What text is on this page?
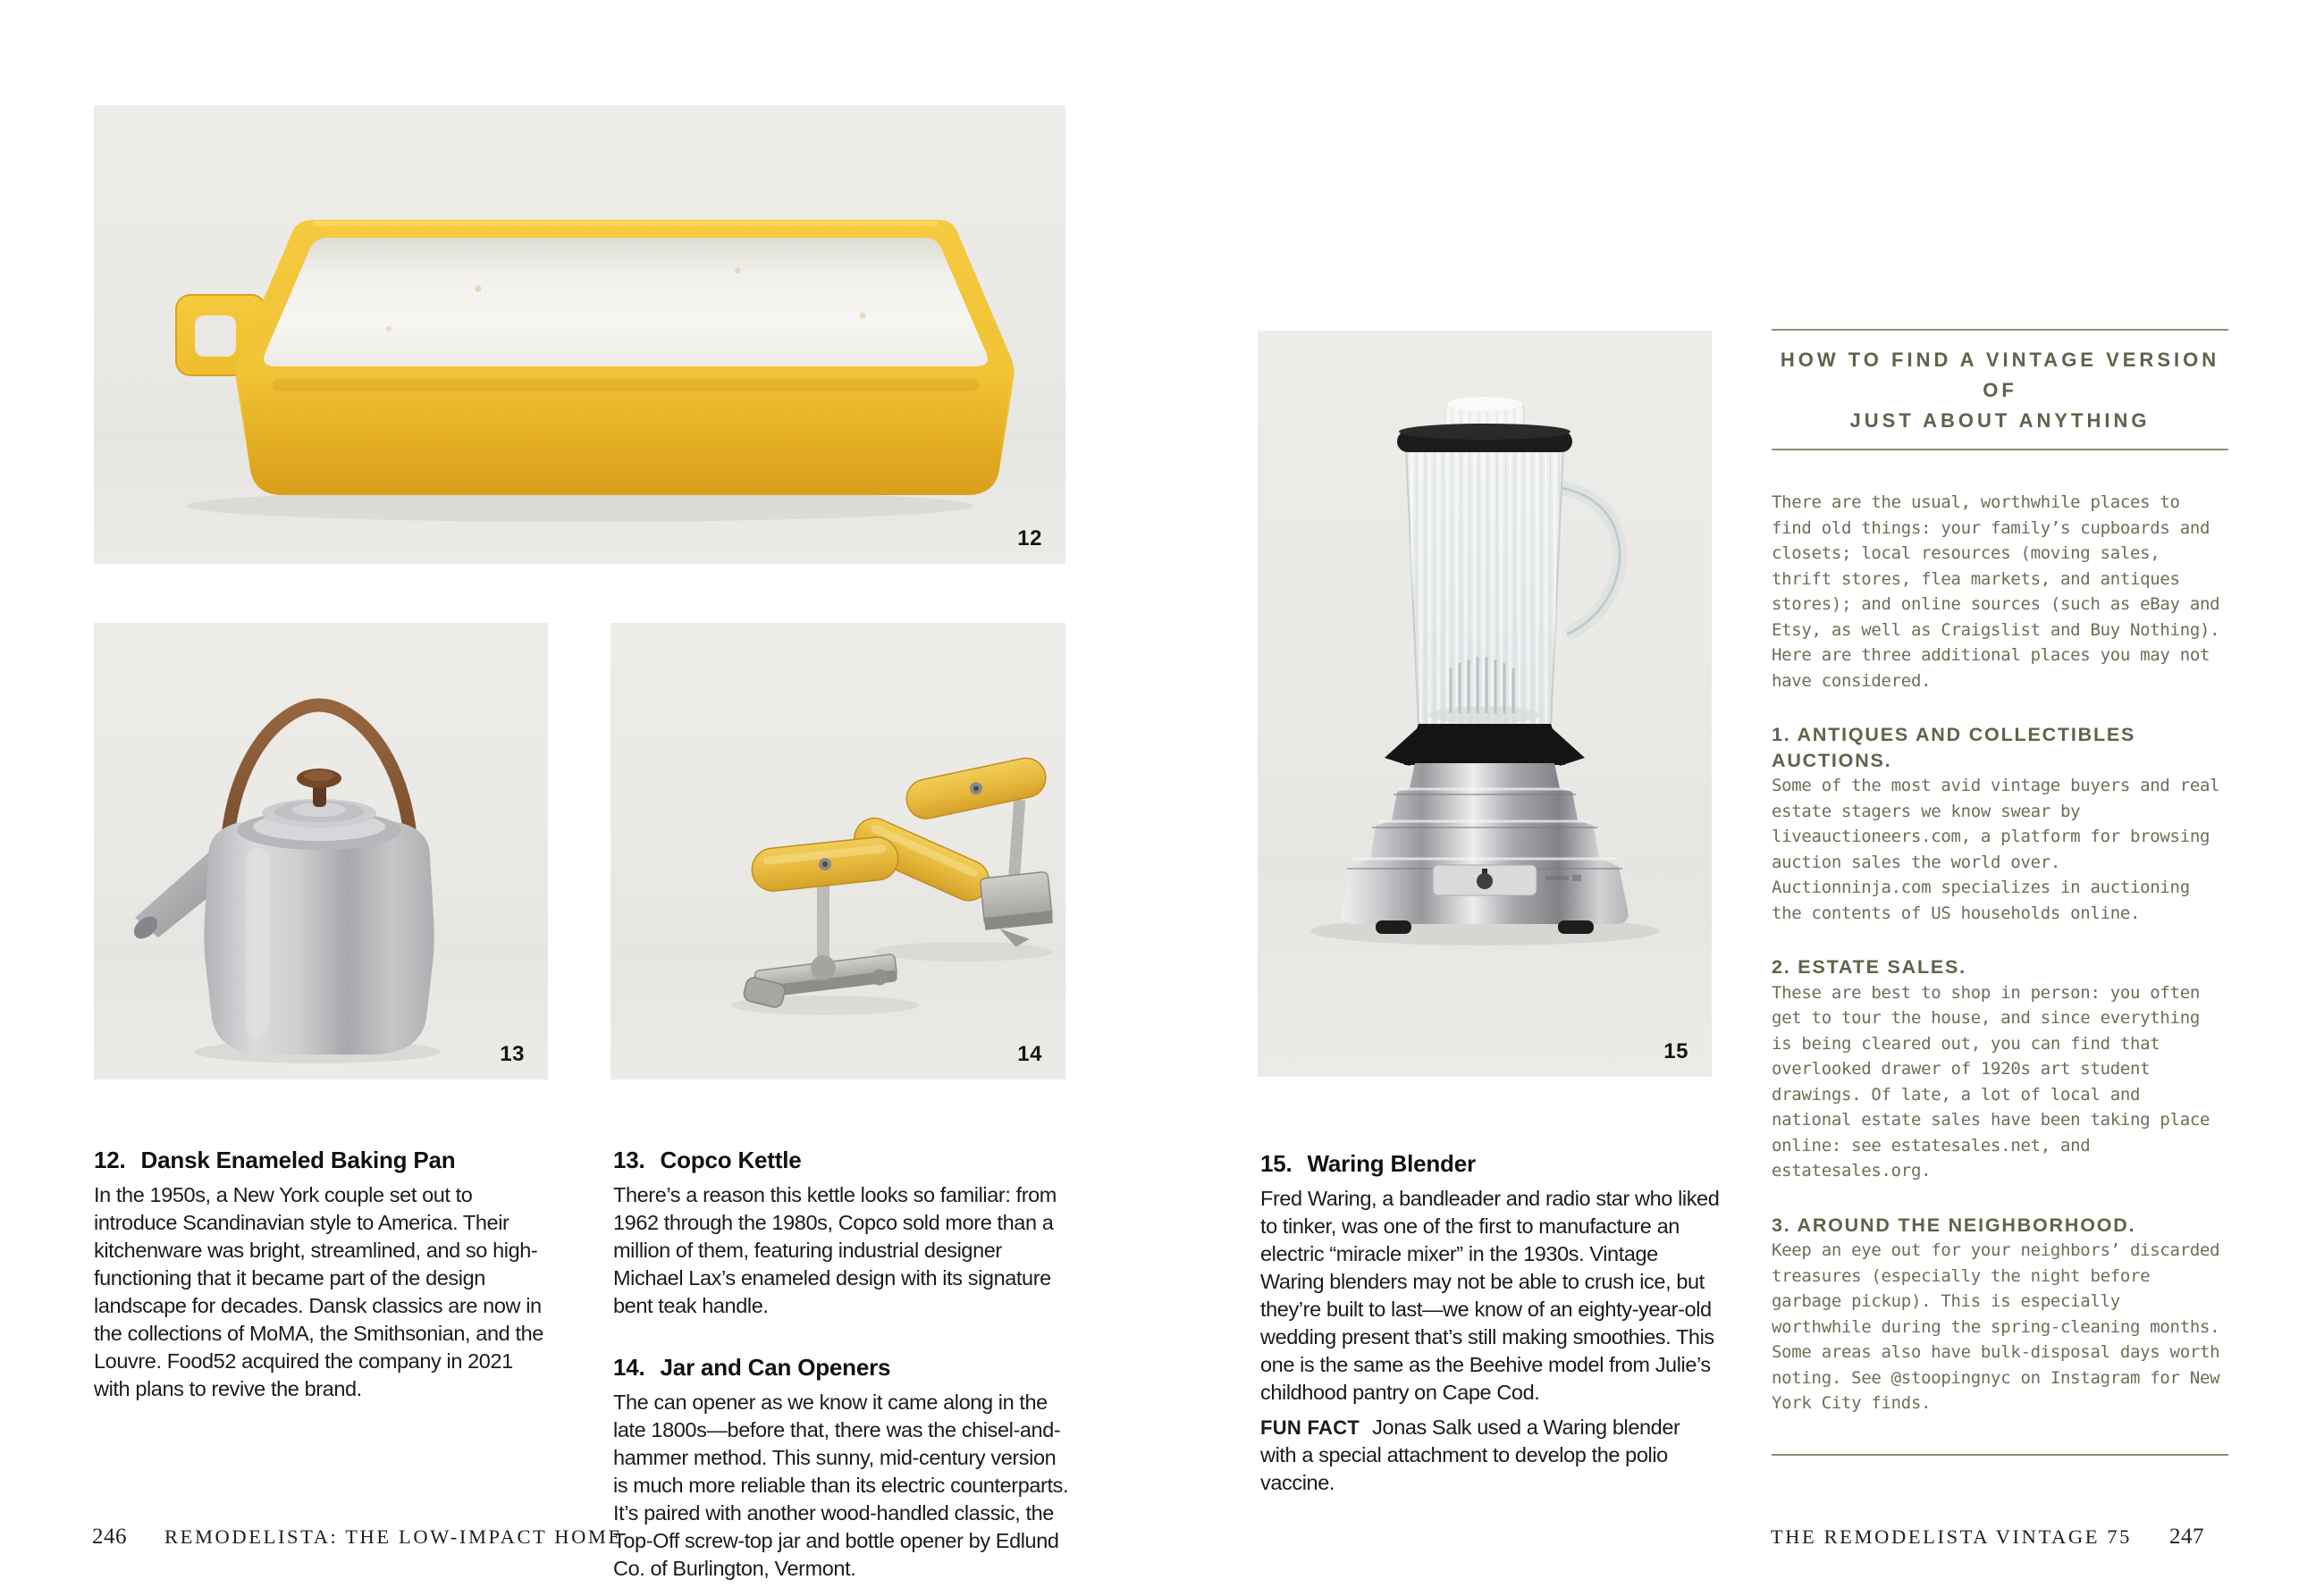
12
13	14	15
12. Dansk Enameled Baking Pan

In the 1950s, a New York couple set out to introduce Scandinavian style to America. Their kitchenware was bright, streamlined, and so high-functioning that it became part of the design landscape for decades. Dansk classics are now in the collections of MoMA, the Smithsonian, and the Louvre. Food52 acquired the company in 2021 with plans to revive the brand.

13. Copco Kettle

There’s a reason this kettle looks so familiar: from 1962 through the 1980s, Copco sold more than a million of them, featuring industrial designer Michael Lax’s enameled design with its signature bent teak handle.

14. Jar and Can Openers

The can opener as we know it came along in the late 1800s—before that, there was the chisel-and-hammer method. This sunny, mid-century version is much more reliable than its electric counterparts. It’s paired with another wood-handled classic, the Top-Off screw-top jar and bottle opener by Edlund Co. of Burlington, Vermont.

15. Waring Blender

Fred Waring, a bandleader and radio star who liked to tinker, was one of the first to manufacture an electric “miracle mixer” in the 1930s. Vintage Waring blenders may not be able to crush ice, but they’re built to last—we know of an eighty-year-old wedding present that’s still making smoothies. This one is the same as the Beehive model from Julie’s childhood pantry on Cape Cod.

FUN FACT Jonas Salk used a Waring blender with a special attachment to develop the polio vaccine.

HOW TO FIND A VINTAGE VERSION OF
JUST ABOUT ANYTHING

There are the usual, worthwhile places to find old things: your family’s cupboards and closets; local resources (moving sales, thrift stores, flea markets, and antiques stores); and online sources (such as eBay and Etsy, as well as Craigslist and Buy Nothing). Here are three additional places you may not have considered.

1. ANTIQUES AND COLLECTIBLES AUCTIONS.

Some of the most avid vintage buyers and real estate stagers we know swear by liveauctioneers.com, a platform for browsing auction sales the world over. Auctionninja.com specializes in auctioning the contents of US households online.

2. ESTATE SALES.

These are best to shop in person: you often get to tour the house, and since everything is being cleared out, you can find that overlooked drawer of 1920s art student drawings. Of late, a lot of local and national estate sales have been taking place online: see estatesales.net, and estatesales.org.

3. AROUND THE NEIGHBORHOOD.

Keep an eye out for your neighbors’ discarded treasures (especially the night before garbage pickup). This is especially worthwhile during the spring-cleaning months. Some areas also have bulk-disposal days worth noting. See @stoopingnyc on Instagram for New York City finds.

246 REMODELISTA: THE LOW-IMPACT HOME	THE REMODELISTA VINTAGE 75 247
